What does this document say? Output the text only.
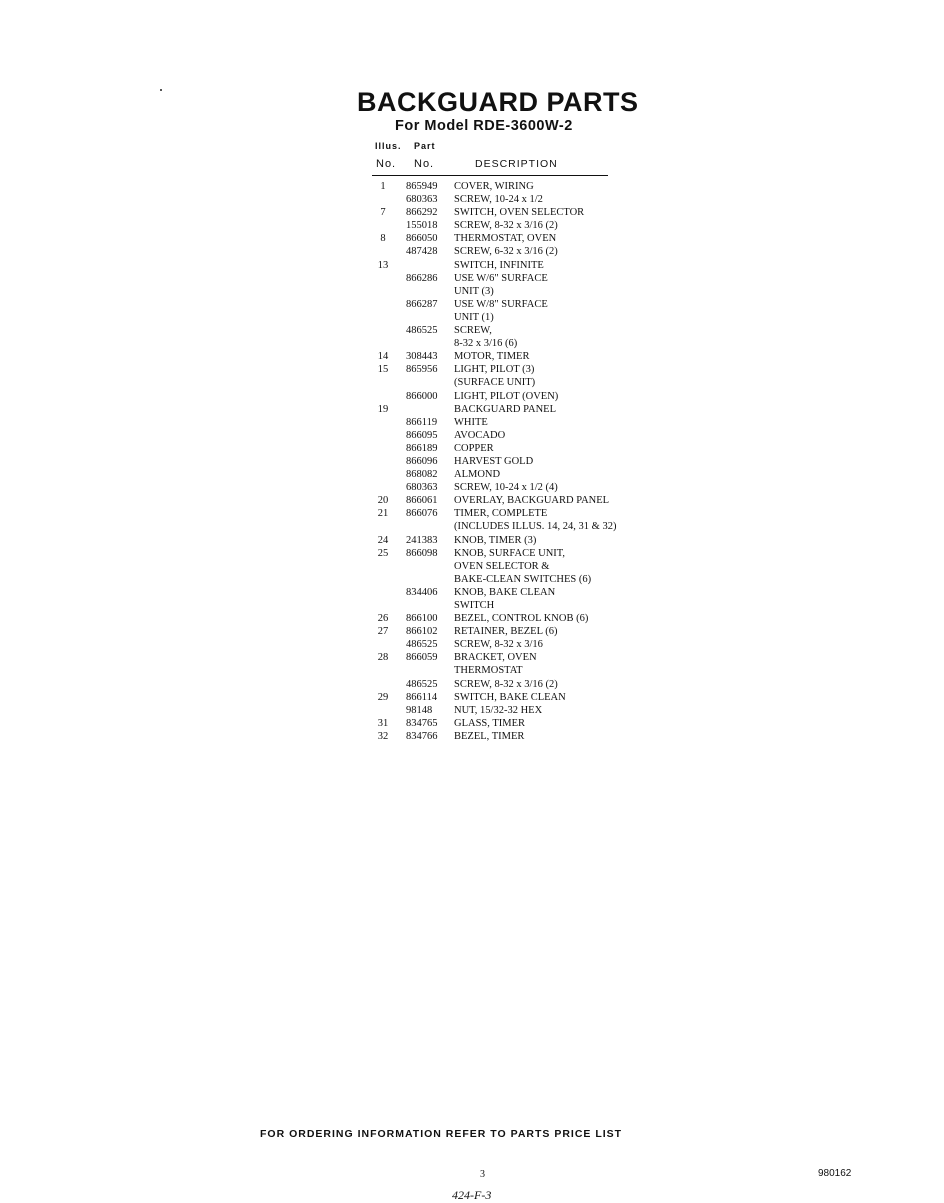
BACKGUARD PARTS
For Model RDE-3600W-2
Illus. Part
No. No.	DESCRIPTION
1	865949 COVER, WIRING
680363 SCREW, 10-24 x 1/2
7	866292 SWITCH, OVEN SELECTOR
155018 SCREW, 8-32 x 3/16 (2)
8	866050 THERMOSTAT, OVEN
487428 SCREW, 6-32 x 3/16 (2)
13	SWITCH, INFINITE
866286 USE W/6" SURFACE
UNIT (3)
866287 USE W/8" SURFACE
UNIT (1)
486525 SCREW,
8-32 x 3/16 (6)
14	308443 MOTOR, TIMER
15	865956 LIGHT, PILOT (3)
(SURFACE UNIT)
866000 LIGHT, PILOT (OVEN)
19	BACKGUARD PANEL
866119 WHITE
866095 AVOCADO
866189 COPPER
866096 HARVEST GOLD
868082 ALMOND
680363 SCREW, 10-24 x 1/2 (4)
20	866061 OVERLAY, BACKGUARD PANEL
21	866076 TIMER, COMPLETE
(INCLUDES ILLUS. 14, 24, 31 & 32)
24	241383 KNOB, TIMER (3)
25	866098 KNOB, SURFACE UNIT,
OVEN SELECTOR &
BAKE-CLEAN SWITCHES (6)
834406 KNOB, BAKE CLEAN
SWITCH
26	866100 BEZEL, CONTROL KNOB (6)
27	866102 RETAINER, BEZEL (6)
486525 SCREW, 8-32 x 3/16
28	866059 BRACKET, OVEN
THERMOSTAT
486525 SCREW, 8-32 x 3/16 (2)
29	866114 SWITCH, BAKE CLEAN
98148 NUT, 15/32-32 HEX
31	834765 GLASS, TIMER
32	834766 BEZEL, TIMER
FOR ORDERING INFORMATION REFER TO PARTS PRICE LIST
3	980162
424-F-3
